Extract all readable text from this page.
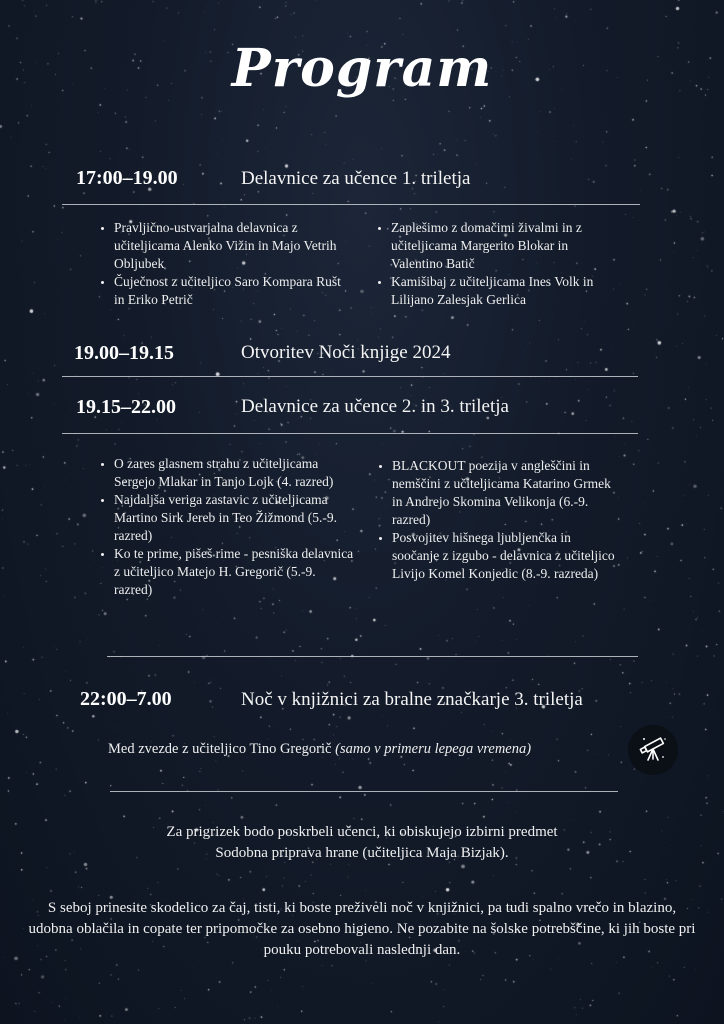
Program
17:00–19.00	Delavnice za učence 1. triletja
• Pravljično-ustvarjalna delavnica z učiteljicama Alenko Vižin in Majo Vetrih Obljubek
• Čuječnost z učiteljico Saro Kompara Rušt in Eriko Petrič
• Zaplešimo z domačimi živalmi in z učiteljicama Margerito Blokar in Valentino Batič
• Kamišibaj z učiteljicama Ines Volk in Lilijano Zalesjak Gerlica
19.00–19.15	Otvoritev Noči knjige 2024
19.15–22.00	Delavnice za učence 2. in 3. triletja
• O zares glasnem strahu z učiteljicama Sergejo Mlakar in Tanjo Lojk (4. razred)
• Najdaljša veriga zastavic z učiteljicama Martino Sirk Jereb in Teo Žižmond (5.-9. razred)
• Ko te prime, pišeš rime - pesniška delavnica z učiteljico Matejo H. Gregorič (5.-9. razred)
• BLACKOUT poezija v angleščini in nemščini z učiteljicama Katarino Grmek in Andrejo Skomina Velikonja (6.-9. razred)
• Posvojitev hišnega ljubljenčka in soočanje z izgubo - delavnica z učiteljico Livijo Komel Konjedic (8.-9. razreda)
22:00–7.00	Noč v knjižnici za bralne značkarje 3. triletja
Med zvezde z učiteljico Tino Gregorič (samo v primeru lepega vremena)
Za prigrizek bodo poskrbeli učenci, ki obiskujejo izbirni predmet Sodobna priprava hrane (učiteljica Maja Bizjak).
S seboj prinesite skodelico za čaj, tisti, ki boste preživeli noč v knjižnici, pa tudi spalno vrečo in blazino, udobna oblačila in copate ter pripomočke za osebno higieno. Ne pozabite na šolske potrebščine, ki jih boste pri pouku potrebovali naslednji dan.
